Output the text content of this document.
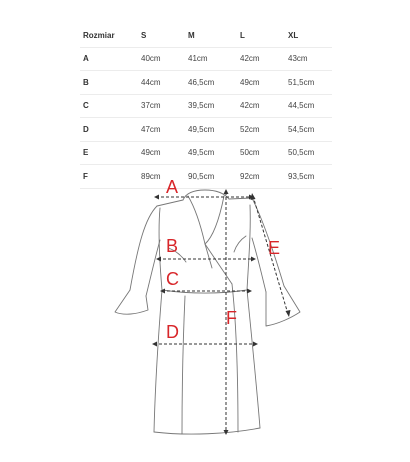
Rozmiar	S	M	L	XL
A	40cm	41cm	42cm	43cm
B	44cm	46,5cm	49cm	51,5cm
C	37cm	39,5cm	42cm	44,5cm
D	47cm	49,5cm	52cm	54,5cm
E	49cm	49,5cm	50cm	50,5cm
F	89cm	90,5cm	92cm	93,5cm
A
B
C
D
E
F
